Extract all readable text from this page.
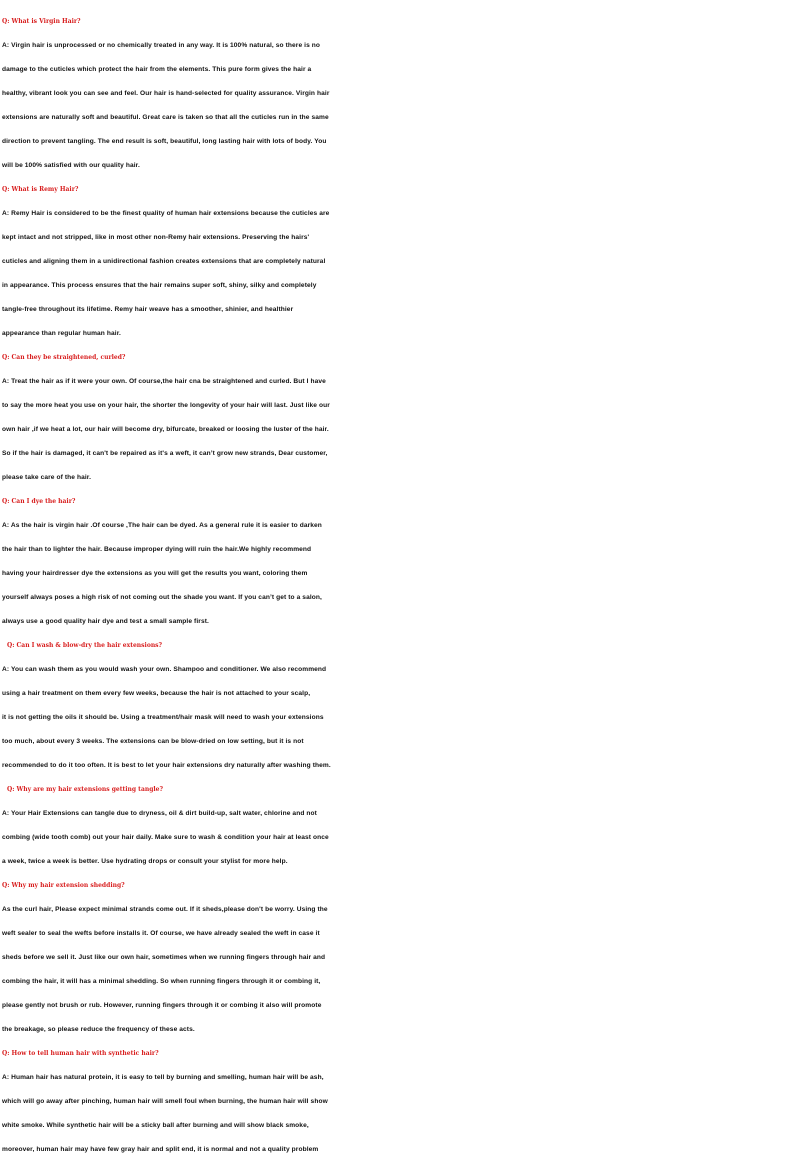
Q: What is Virgin Hair?
A: Virgin hair is unprocessed or no chemically treated in any way. It is 100% natural, so there is no
damage to the cuticles which protect the hair from the elements. This pure form gives the hair a
healthy, vibrant look you can see and feel. Our hair is hand-selected for quality assurance. Virgin hair
extensions are naturally soft and beautiful. Great care is taken so that all the cuticles run in the same
direction to prevent tangling. The end result is soft, beautiful, long lasting hair with lots of body. You
will be 100% satisfied with our quality hair.
Q: What is Remy Hair?
A: Remy Hair is considered to be the finest quality of human hair extensions because the cuticles are
kept intact and not stripped, like in most other non-Remy hair extensions. Preserving the hairs'
cuticles and aligning them in a unidirectional fashion creates extensions that are completely natural
in appearance. This process ensures that the hair remains super soft, shiny, silky and completely
tangle-free throughout its lifetime. Remy hair weave has a smoother, shinier, and healthier
appearance than regular human hair.
Q: Can they be straightened, curled?
A: Treat the hair as if it were your own. Of course,the hair cna be straightened and curled. But I have
to say the more heat you use on your hair, the shorter the longevity of your hair will last. Just like our
own hair ,if we heat a lot, our hair will become dry, bifurcate, breaked or loosing the luster of the hair.
So if the hair is damaged, it can't be repaired as it's a weft, it can’t grow new strands, Dear customer,
please take care of the hair.
Q: Can I dye the hair?
A: As the hair is virgin hair .Of course ,The hair can be dyed. As a general rule it is easier to darken
the hair than to lighter the hair. Because improper dying will ruin the hair.We highly recommend
having your hairdresser dye the extensions as you will get the results you want, coloring them
yourself always poses a high risk of not coming out the shade you want. If you can’t get to a salon,
always use a good quality hair dye and test a small sample first.
Q: Can I wash & blow-dry the hair extensions?
A: You can wash them as you would wash your own. Shampoo and conditioner. We also recommend
using a hair treatment on them every few weeks, because the hair is not attached to your scalp,
it is not getting the oils it should be. Using a treatment/hair mask will need to wash your extensions
too much, about every 3 weeks. The extensions can be blow-dried on low setting, but it is not
recommended to do it too often. It is best to let your hair extensions dry naturally after washing them.
Q: Why are my hair extensions getting tangle?
A: Your Hair Extensions can tangle due to dryness, oil & dirt build-up, salt water, chlorine and not
combing (wide tooth comb) out your hair daily. Make sure to wash & condition your hair at least once
a week, twice a week is better. Use hydrating drops or consult your stylist for more help.
Q: Why my hair extension shedding?
As the curl hair, Please expect minimal strands come out. If it sheds,please don't be worry. Using the
weft sealer to seal the wefts before installs it. Of course, we have already sealed the weft in case it
sheds before we sell it. Just like our own hair, sometimes when we running fingers through hair and
combing the hair, it will has a minimal shedding. So when running fingers through it or combing it,
please gently not brush or rub. However, running fingers through it or combing it also will promote
the breakage, so please reduce the frequency of these acts.
Q: How to tell human hair with synthetic hair?
A: Human hair has natural protein, it is easy to tell by burning and smelling, human hair will be ash,
which will go away after pinching, human hair will smell foul when burning, the human hair will show
white smoke. While synthetic hair will be a sticky ball after burning and will show black smoke,
moreover, human hair may have few gray hair and split end, it is normal and not a quality problem
